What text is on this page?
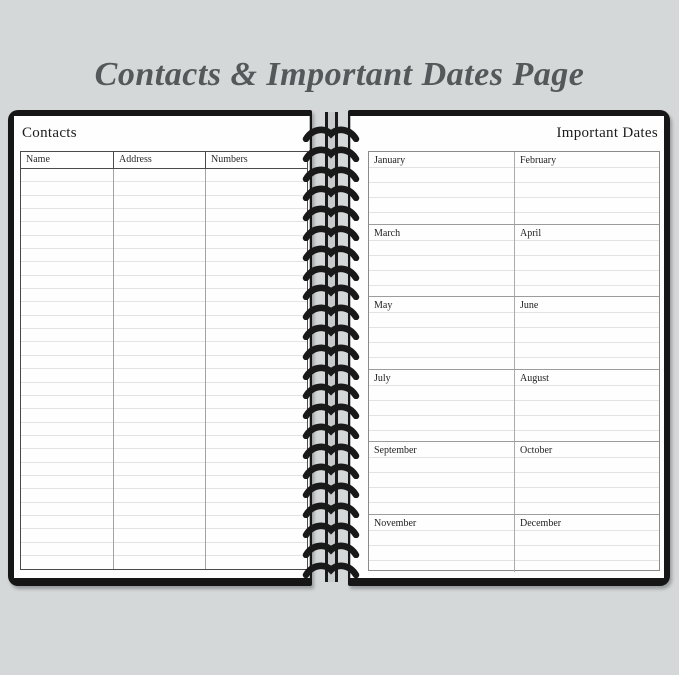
Contacts & Important Dates Page
Contacts
Name	Address	Numbers
Important Dates
January	February
March	April
May	June
July	August
September	October
November	December
